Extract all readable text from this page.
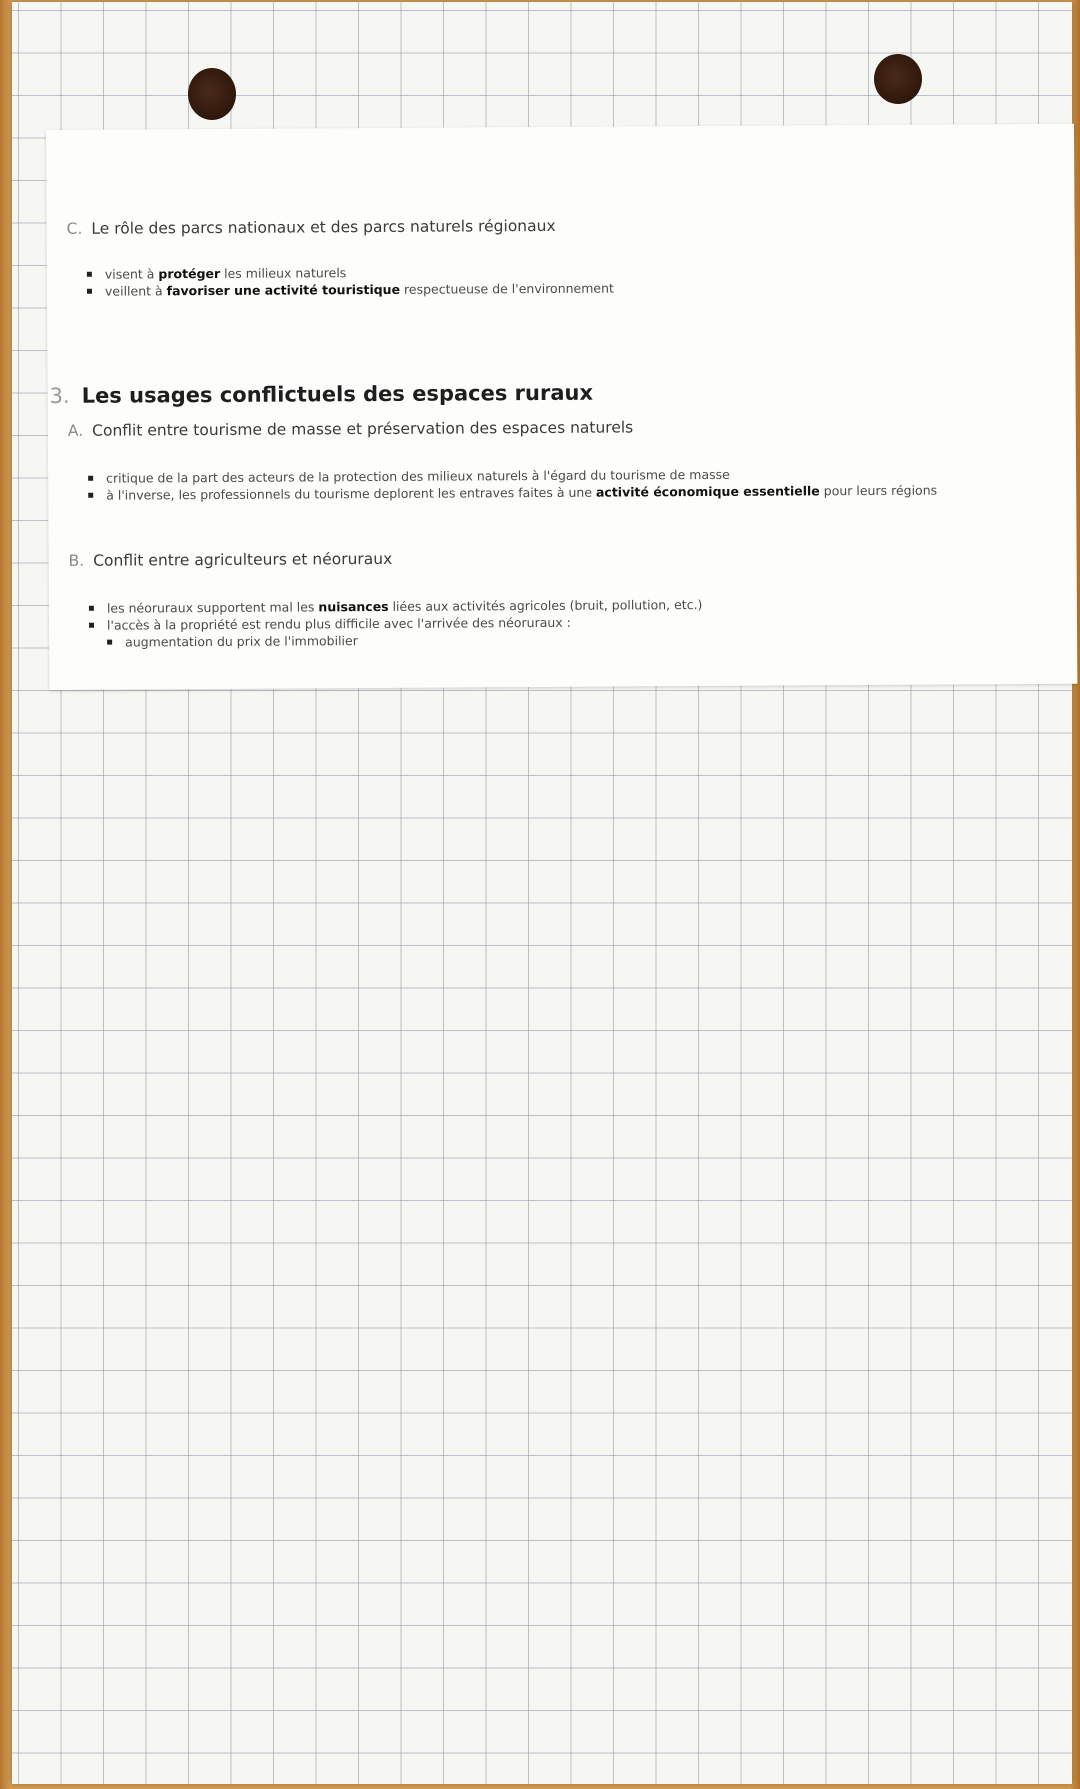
C. Le rôle des parcs nationaux et des parcs naturels régionaux
visent à protéger les milieux naturels
veillent à favoriser une activité touristique respectueuse de l'environnement
3. Les usages conflictuels des espaces ruraux
A. Conflit entre tourisme de masse et préservation des espaces naturels
critique de la part des acteurs de la protection des milieux naturels à l'égard du tourisme de masse
à l'inverse, les professionnels du tourisme deplorent les entraves faites à une activité économique essentielle pour leurs régions
B. Conflit entre agriculteurs et néoruraux
les néoruraux supportent mal les nuisances liées aux activités agricoles (bruit, pollution, etc.)
l'accès à la propriété est rendu plus difficile avec l'arrivée des néoruraux :
augmentation du prix de l'immobilier
